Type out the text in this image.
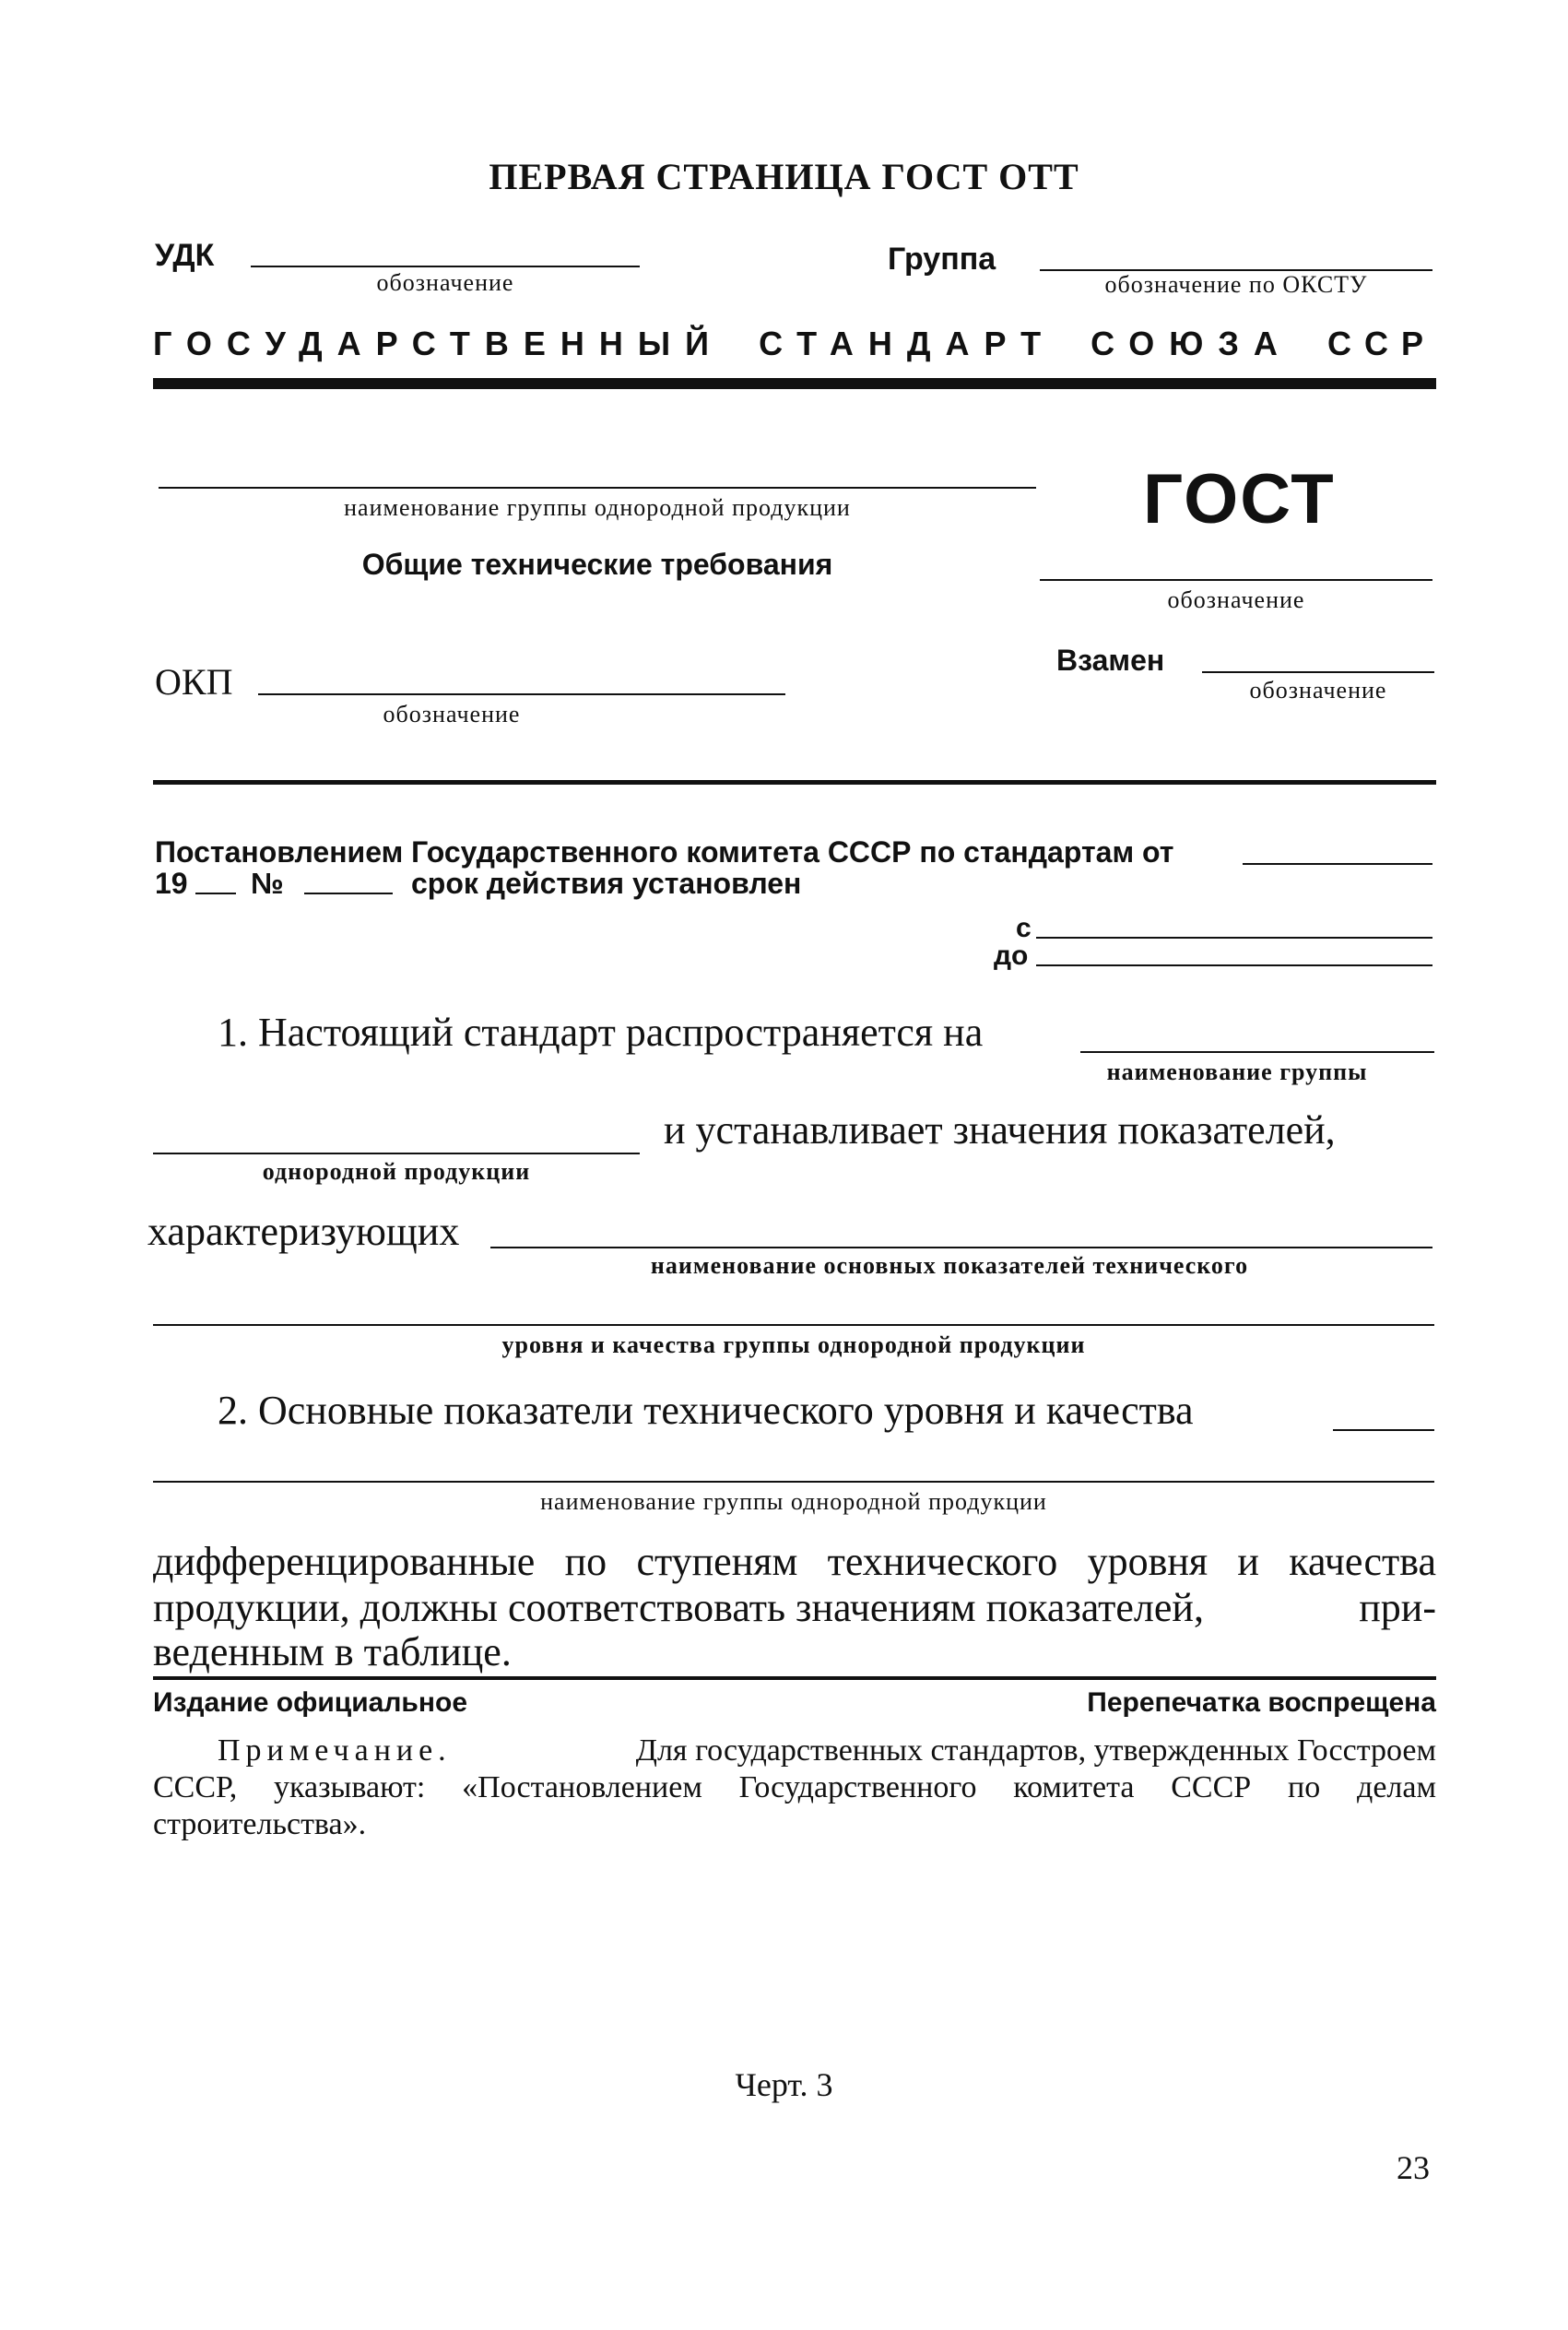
ПЕРВАЯ СТРАНИЦА ГОСТ ОТТ
УДК
обозначение
Группа
обозначение по ОКСТУ
ГОСУДАРСТВЕННЫЙ СТАНДАРТ СОЮЗА ССР
наименование группы однородной продукции	ГОСТ
Общие технические требования
обозначение
ОКП
обозначение
Взамен
обозначение
Постановлением Государственного комитета СССР по стандартам от
19 №	срок действия установлен
с
до
1. Настоящий стандарт распространяется на
наименование группы
однородной продукции
и устанавливает значения показателей,
характеризующих
наименование основных показателей технического
уровня и качества группы однородной продукции
2. Основные показатели технического уровня и качества
наименование группы однородной продукции
дифференцированные по ступеням технического уровня и качества
продукции, должны соответствовать значениям показателей,	при-
веденным в таблице.
Издание официальное	Перепечатка воспрещена
Примечание.	Для государственных стандартов, утвержденных Госстроем
СССР, указывают: «Постановлением Государственного комитета СССР по делам
строительства».
Черт. 3
23
